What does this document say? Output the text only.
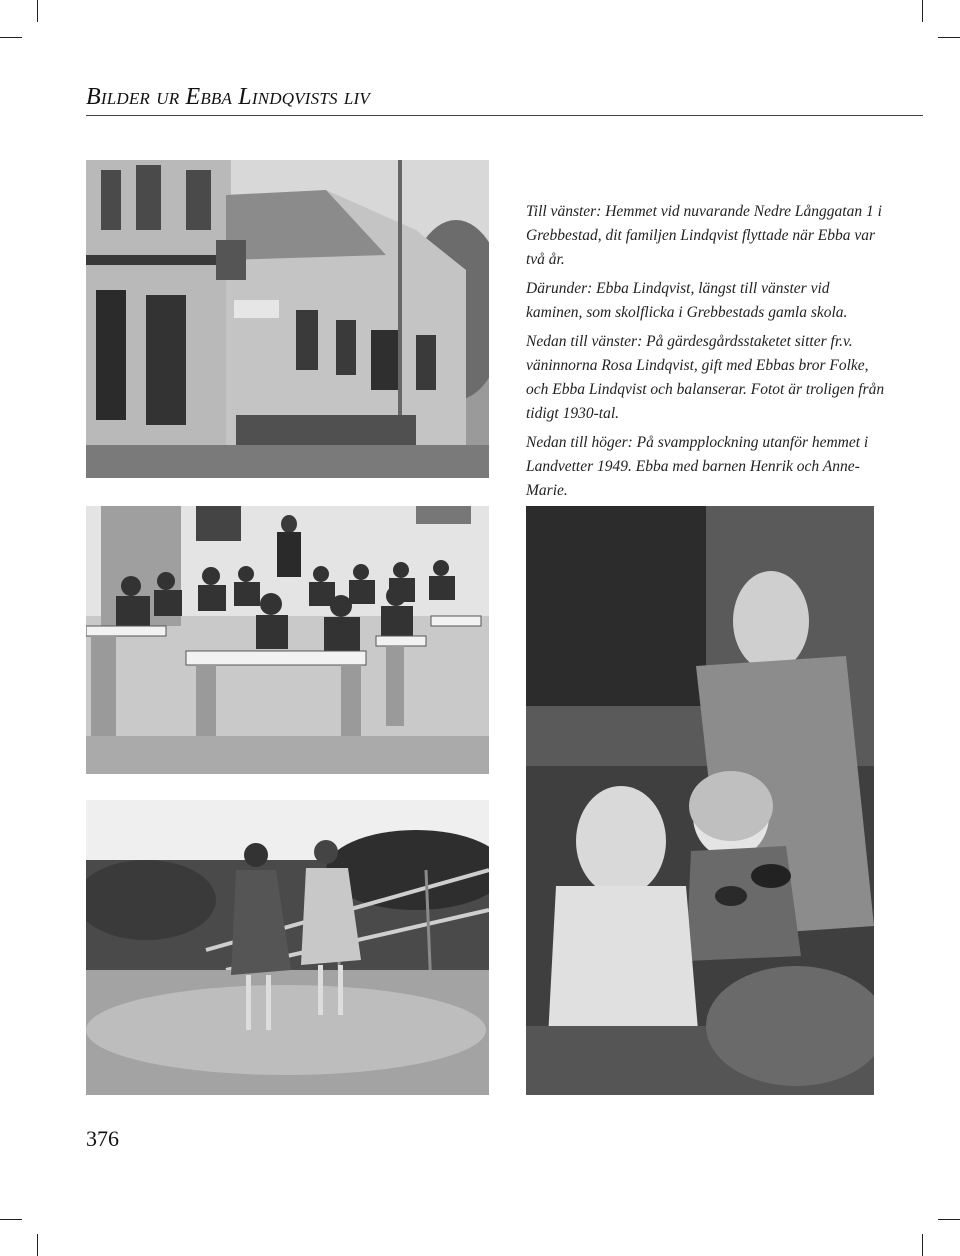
Bilder ur Ebba Lindqvists liv

Till vänster: Hemmet vid nuvarande Nedre Långgatan 1 i Grebbestad, dit familjen Lindqvist flyttade när Ebba var två år.

Därunder: Ebba Lindqvist, längst till vänster vid kaminen, som skolflicka i Grebbestads gamla skola.

Nedan till vänster: På gärdesgårdsstaketet sitter fr.v. väninnorna Rosa Lindqvist, gift med Ebbas bror Folke, och Ebba Lindqvist och balanserar. Fotot är troligen från tidigt 1930-tal.

Nedan till höger: På svampplockning utanför hemmet i Landvetter 1949. Ebba med barnen Henrik och Anne-Marie.

376
